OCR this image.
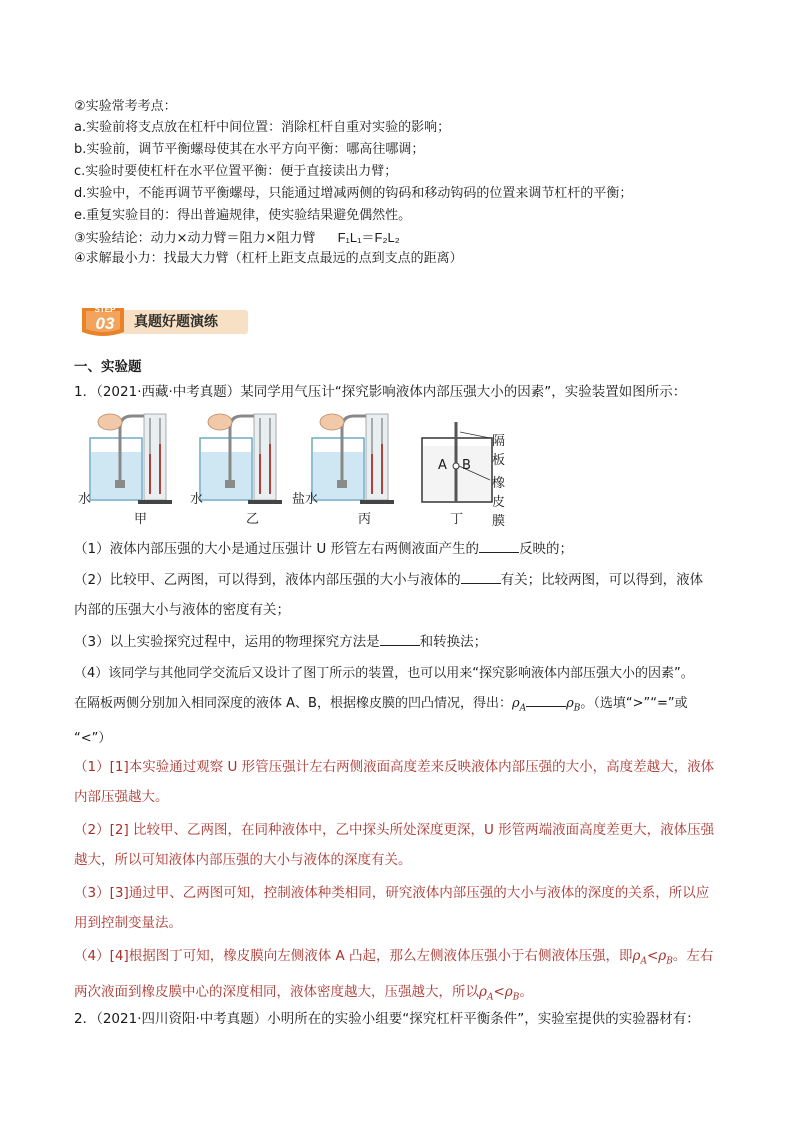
②实验常考考点：
a.实验前将支点放在杠杆中间位置：消除杠杆自重对实验的影响；
b.实验前，调节平衡螺母使其在水平方向平衡：哪高往哪调；
c.实验时要使杠杆在水平位置平衡：便于直接读出力臂；
d.实验中，不能再调节平衡螺母，只能通过增减两侧的钩码和移动钩码的位置来调节杠杆的平衡；
e.重复实验目的：得出普遍规律，使实验结果避免偶然性。
③实验结论：动力×动力臂＝阻力×阻力臂 F₁L₁＝F₂L₂
④求解最小力：找最大力臂（杠杆上距支点最远的点到支点的距离）
STEP
03	真题好题演练
一、实验题
1．（2021·西藏·中考真题）某同学用气压计“探究影响液体内部压强大小的因素”，实验装置如图所示：
水	水	盐水
甲	乙	丙	丁
A B
隔板
橡皮膜
（1）液体内部压强的大小是通过压强计 U 形管左右两侧液面产生的	反映的；
（2）比较甲、乙两图，可以得到，液体内部压强的大小与液体的	有关；比较两图，可以得到，液体
内部的压强大小与液体的密度有关；
（3）以上实验探究过程中，运用的物理探究方法是	和转换法；
（4）该同学与其他同学交流后又设计了图丁所示的装置，也可以用来“探究影响液体内部压强大小的因素”。
在隔板两侧分别加入相同深度的液体 A、B，根据橡皮膜的凹凸情况，得出：$\rho_A$	$\rho_B$。（选填“>”“=”或
“<”）
（1）[1]本实验通过观察 U 形管压强计左右两侧液面高度差来反映液体内部压强的大小，高度差越大，液体内部压强越大。
（2）[2] 比较甲、乙两图，在同种液体中，乙中探头所处深度更深，U 形管两端液面高度差更大，液体压强越大，所以可知液体内部压强的大小与液体的深度有关。
（3）[3]通过甲、乙两图可知，控制液体种类相同，研究液体内部压强的大小与液体的深度的关系，所以应用到控制变量法。
（4）[4]根据图丁可知，橡皮膜向左侧液体 A 凸起，那么左侧液体压强小于右侧液体压强，即$\rho_A<\rho_B$。左右两次液面到橡皮膜中心的深度相同，液体密度越大，压强越大，所以$\rho_A<\rho_B$。
2．（2021·四川资阳·中考真题）小明所在的实验小组要“探究杠杆平衡条件”，实验室提供的实验器材有：
